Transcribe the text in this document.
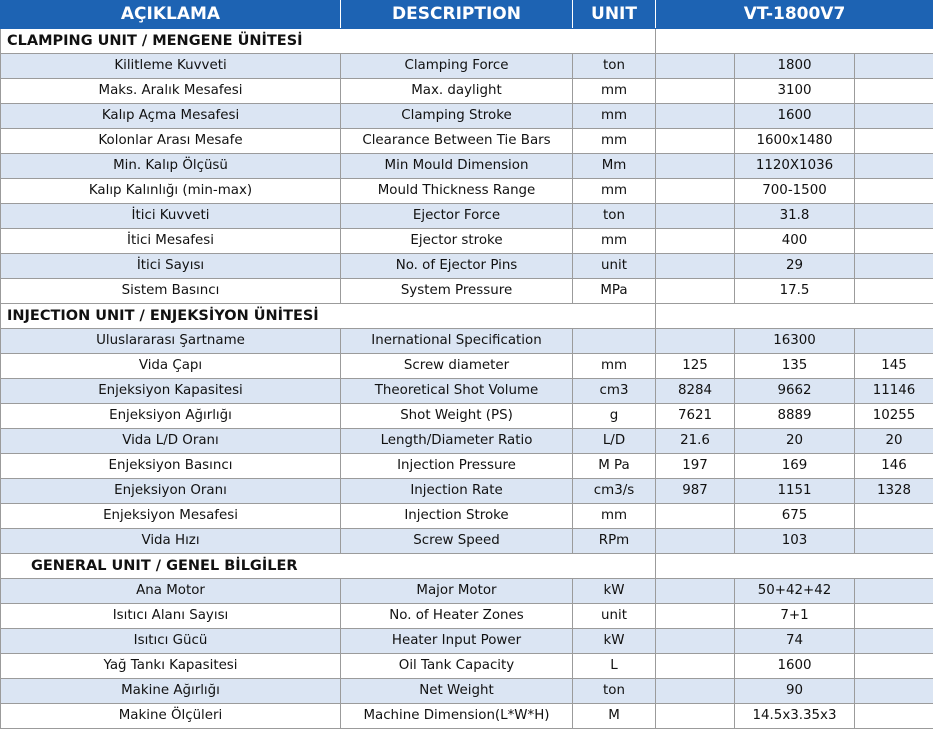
AÇIKLAMA	DESCRIPTION	UNIT	VT-1800V7		
CLAMPING UNIT / MENGENE ÜNİTESİ					
Kilitleme Kuvveti	Clamping Force	ton		1800	
Maks. Aralık Mesafesi	Max. daylight	mm		3100	
Kalıp Açma Mesafesi	Clamping Stroke	mm		1600	
Kolonlar Arası Mesafe	Clearance Between Tie Bars	mm		1600x1480	
Min. Kalıp Ölçüsü	Min Mould Dimension	Mm		1120X1036	
Kalıp Kalınlığı (min-max)	Mould Thickness Range	mm		700-1500	
İtici Kuvveti	Ejector Force	ton		31.8	
İtici Mesafesi	Ejector stroke	mm		400	
İtici Sayısı	No. of Ejector Pins	unit		29	
Sistem Basıncı	System Pressure	MPa		17.5	
INJECTION UNIT / ENJEKSİYON ÜNİTESİ					
Uluslararası Şartname	Inernational Specification			16300	
Vida Çapı	Screw diameter	mm	125	135	145
Enjeksiyon Kapasitesi	Theoretical Shot Volume	cm3	8284	9662	11146
Enjeksiyon Ağırlığı	Shot Weight (PS)	g	7621	8889	10255
Vida L/D Oranı	Length/Diameter Ratio	L/D	21.6	20	20
Enjeksiyon Basıncı	Injection Pressure	M Pa	197	169	146
Enjeksiyon Oranı	Injection Rate	cm3/s	987	1151	1328
Enjeksiyon Mesafesi	Injection Stroke	mm		675	
Vida Hızı	Screw Speed	RPm		103	
GENERAL UNIT / GENEL BİLGİLER					
Ana Motor	Major Motor	kW		50+42+42	
Isıtıcı Alanı Sayısı	No. of Heater Zones	unit		7+1	
Isıtıcı Gücü	Heater Input Power	kW		74	
Yağ Tankı Kapasitesi	Oil Tank Capacity	L		1600	
Makine Ağırlığı	Net Weight	ton		90	
Makine Ölçüleri	Machine Dimension(L*W*H)	M		14.5x3.35x3	
